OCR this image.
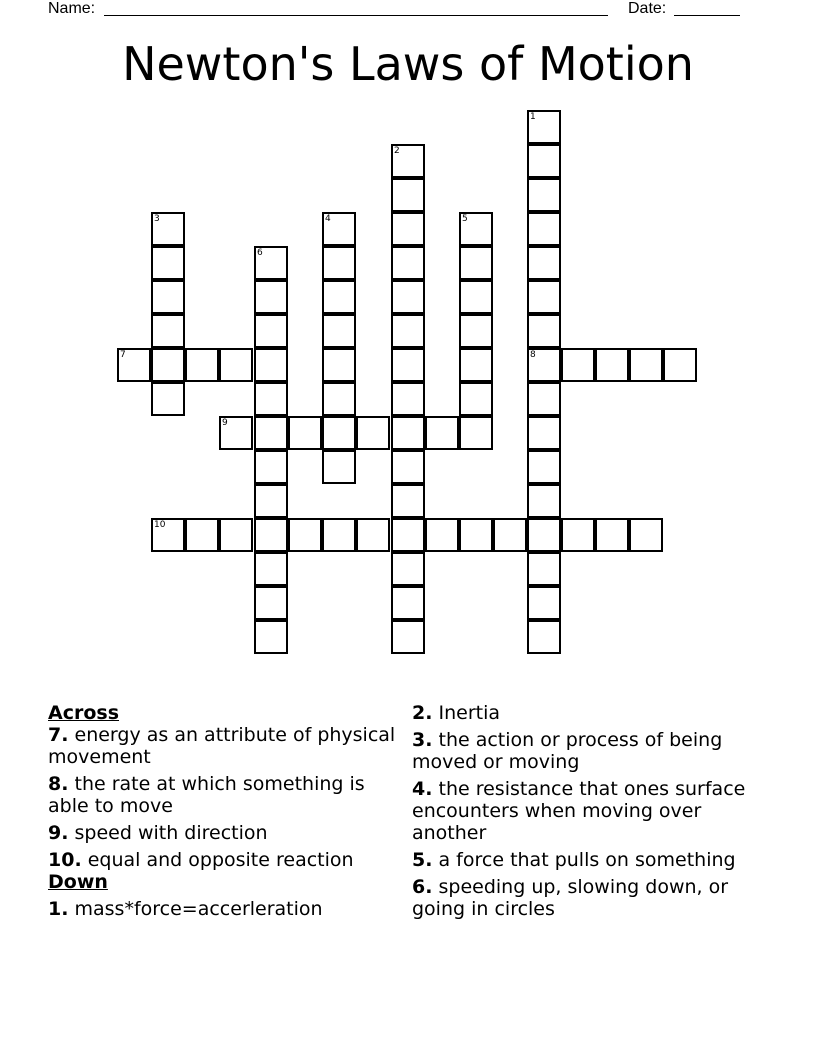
Name:	Date:
Newton's Laws of Motion
1
8
2
3	4	5
6
7
9
10

Across

7. energy as an attribute of physical movement

8. the rate at which something is able to move

9. speed with direction

10. equal and opposite reaction

Down

1. mass*force=accerleration

2. Inertia

3. the action or process of being moved or moving

4. the resistance that ones surface encounters when moving over another

5. a force that pulls on something

6. speeding up, slowing down, or going in circles
